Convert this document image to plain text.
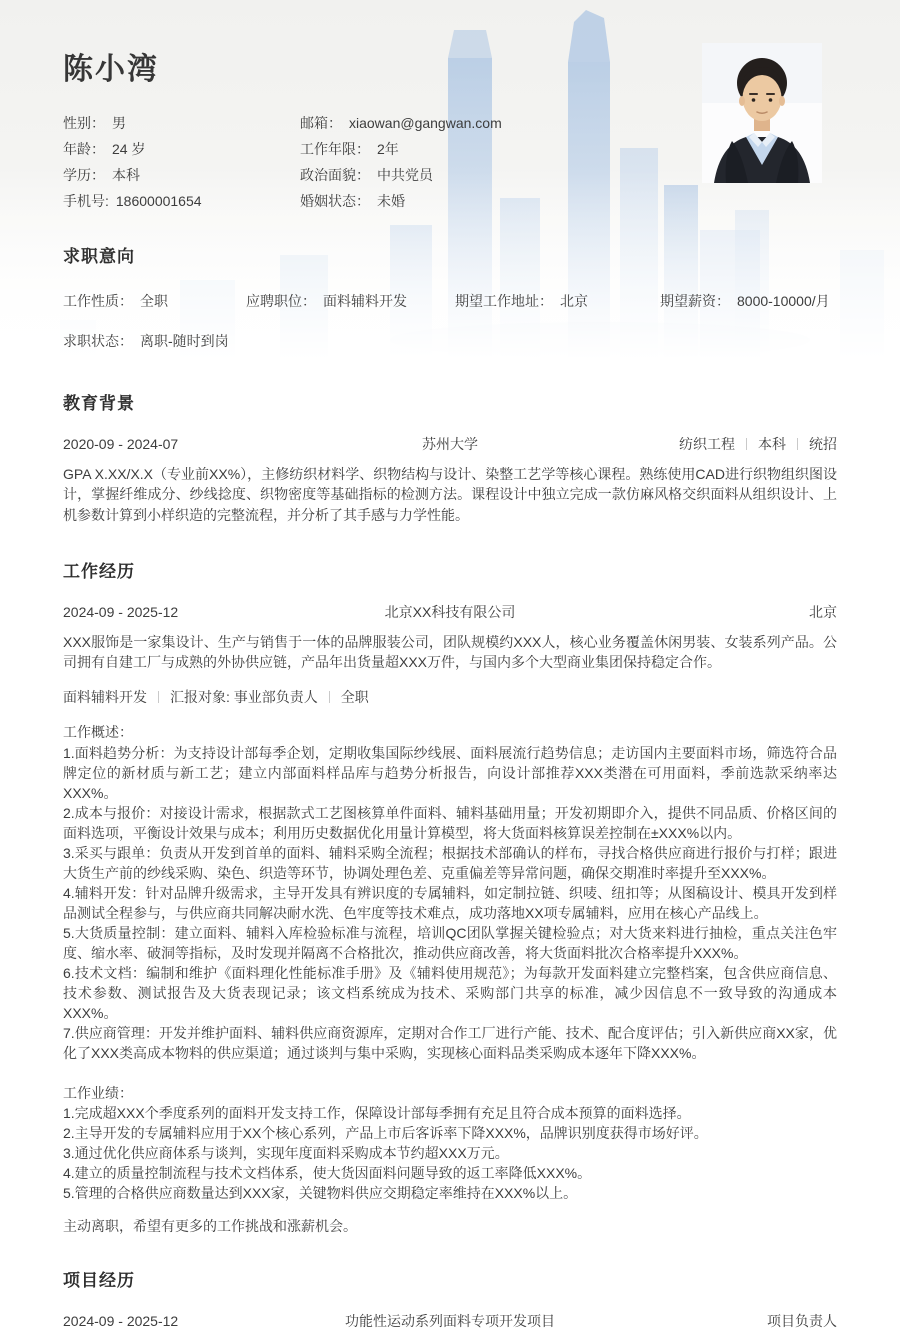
陈小湾
性别： 男	邮箱： xiaowan@gangwan.com
年龄： 24 岁	工作年限： 2年
学历： 本科	政治面貌： 中共党员
手机号: 18600001654	婚姻状态： 未婚
求职意向
工作性质： 全职	应聘职位： 面料辅料开发	期望工作地址： 北京	期望薪资： 8000-10000/月
求职状态： 离职-随时到岗
教育背景
2020-09 - 2024-07	苏州大学	纺织工程 本科 统招

GPA X.XX/X.X（专业前XX%），主修纺织材料学、织物结构与设计、染整工艺学等核心课程。熟练使用CAD进行织物组织图设计，掌握纤维成分、纱线捻度、织物密度等基础指标的检测方法。课程设计中独立完成一款仿麻风格交织面料从组织设计、上机参数计算到小样织造的完整流程，并分析了其手感与力学性能。

工作经历
2024-09 - 2025-12	北京XX科技有限公司	北京

XXX服饰是一家集设计、生产与销售于一体的品牌服装公司，团队规模约XXX人，核心业务覆盖休闲男装、女装系列产品。公司拥有自建工厂与成熟的外协供应链，产品年出货量超XXX万件，与国内多个大型商业集团保持稳定合作。

面料辅料开发 汇报对象: 事业部负责人 全职

工作概述：

1.面料趋势分析：为支持设计部每季企划，定期收集国际纱线展、面料展流行趋势信息；走访国内主要面料市场，筛选符合品牌定位的新材质与新工艺；建立内部面料样品库与趋势分析报告，向设计部推荐XXX类潜在可用面料，季前选款采纳率达XXX%。

2.成本与报价：对接设计需求，根据款式工艺图核算单件面料、辅料基础用量；开发初期即介入，提供不同品质、价格区间的面料选项，平衡设计效果与成本；利用历史数据优化用量计算模型，将大货面料核算误差控制在±XXX%以内。

3.采买与跟单：负责从开发到首单的面料、辅料采购全流程；根据技术部确认的样布，寻找合格供应商进行报价与打样；跟进大货生产前的纱线采购、染色、织造等环节，协调处理色差、克重偏差等异常问题，确保交期准时率提升至XXX%。

4.辅料开发：针对品牌升级需求，主导开发具有辨识度的专属辅料，如定制拉链、织唛、纽扣等；从图稿设计、模具开发到样品测试全程参与，与供应商共同解决耐水洗、色牢度等技术难点，成功落地XX项专属辅料，应用在核心产品线上。

5.大货质量控制：建立面料、辅料入库检验标准与流程，培训QC团队掌握关键检验点；对大货来料进行抽检，重点关注色牢度、缩水率、破洞等指标，及时发现并隔离不合格批次，推动供应商改善，将大货面料批次合格率提升XXX%。

6.技术文档：编制和维护《面料理化性能标准手册》及《辅料使用规范》；为每款开发面料建立完整档案，包含供应商信息、技术参数、测试报告及大货表现记录；该文档系统成为技术、采购部门共享的标准，减少因信息不一致导致的沟通成本XXX%。

7.供应商管理：开发并维护面料、辅料供应商资源库，定期对合作工厂进行产能、技术、配合度评估；引入新供应商XX家，优化了XXX类高成本物料的供应渠道；通过谈判与集中采购，实现核心面料品类采购成本逐年下降XXX%。

工作业绩：

1.完成超XXX个季度系列的面料开发支持工作，保障设计部每季拥有充足且符合成本预算的面料选择。

2.主导开发的专属辅料应用于XX个核心系列，产品上市后客诉率下降XXX%，品牌识别度获得市场好评。

3.通过优化供应商体系与谈判，实现年度面料采购成本节约超XXX万元。

4.建立的质量控制流程与技术文档体系，使大货因面料问题导致的返工率降低XXX%。

5.管理的合格供应商数量达到XXX家，关键物料供应交期稳定率维持在XXX%以上。

主动离职，希望有更多的工作挑战和涨薪机会。

项目经历
2024-09 - 2025-12	功能性运动系列面料专项开发项目	项目负责人
